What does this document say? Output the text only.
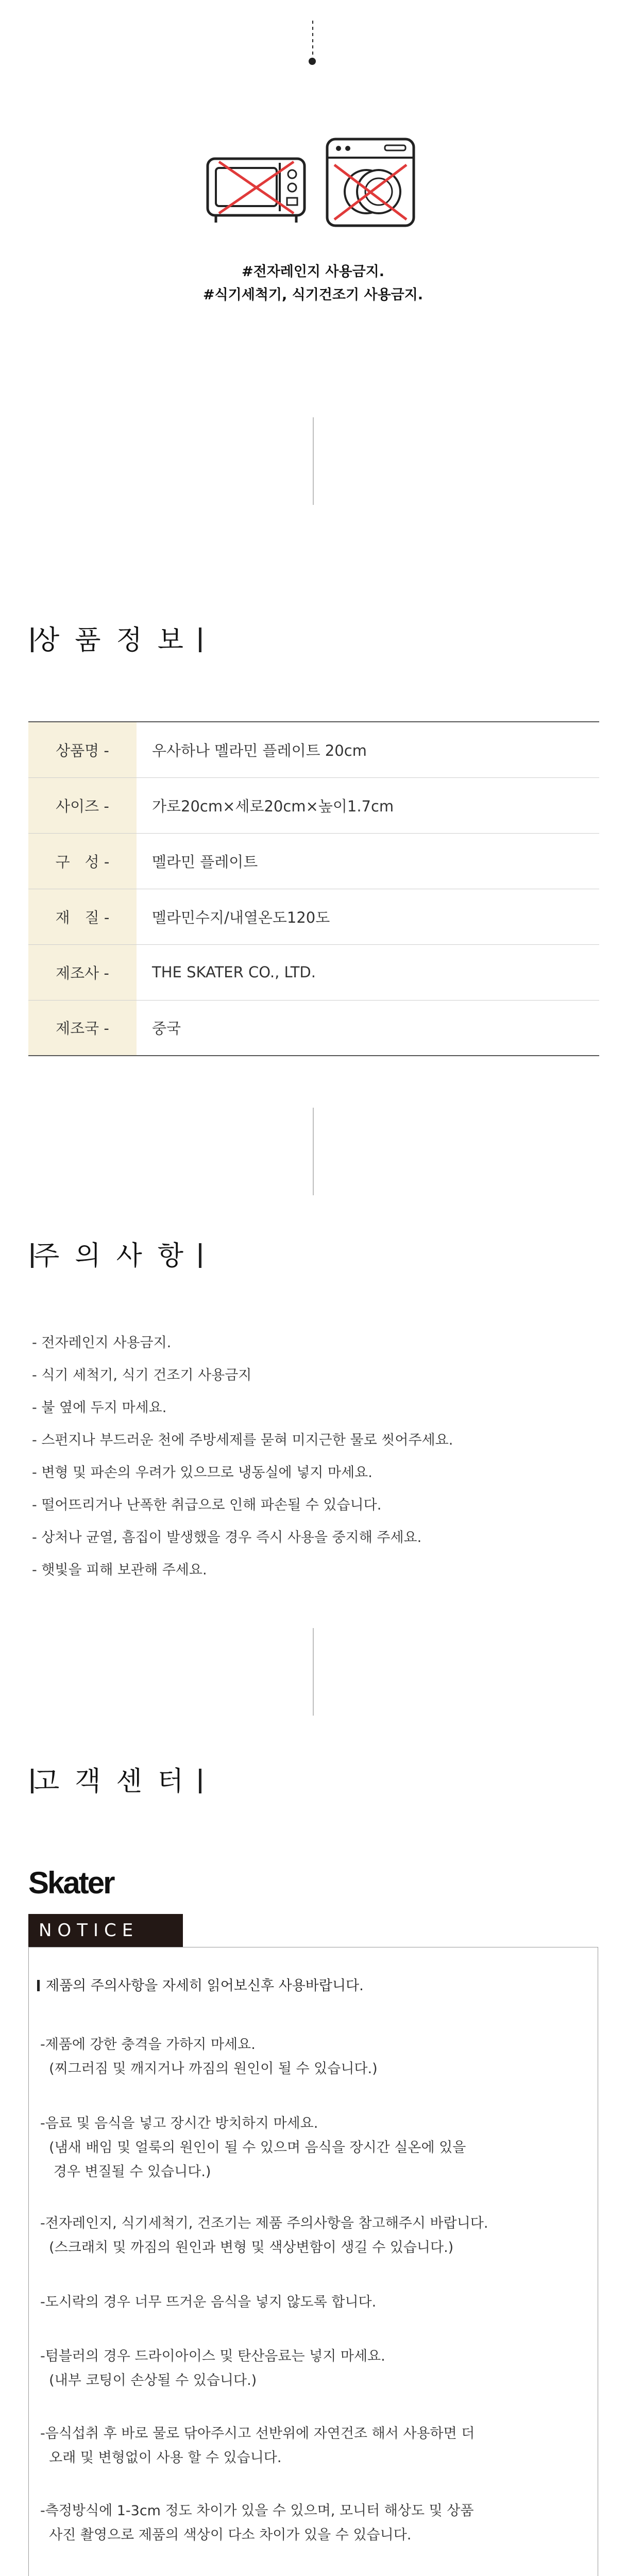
#전자레인지 사용금지.
#식기세척기, 식기건조기 사용금지.
상품정보
상품명 -	우사하나 멜라민 플레이트 20cm
사이즈 -	가로20cm×세로20cm×높이1.7cm
구　성 -	멜라민 플레이트
재　질 -	멜라민수지/내열온도120도
제조사 -	THE SKATER CO., LTD.
제조국 -	중국
주의사항
- 전자레인지 사용금지.
- 식기 세척기, 식기 건조기 사용금지
- 불 옆에 두지 마세요.
- 스펀지나 부드러운 천에 주방세제를 묻혀 미지근한 물로 씻어주세요.
- 변형 및 파손의 우려가 있으므로 냉동실에 넣지 마세요.
- 떨어뜨리거나 난폭한 취급으로 인해 파손될 수 있습니다.
- 상처나 균열, 흠집이 발생했을 경우 즉시 사용을 중지해 주세요.
- 햇빛을 피해 보관해 주세요.
고객센터
Skater
NOTICE
제품의 주의사항을 자세히 읽어보신후 사용바랍니다.
-제품에 강한 충격을 가하지 마세요.
(찌그러짐 및 깨지거나 까짐의 원인이 될 수 있습니다.)
-음료 및 음식을 넣고 장시간 방치하지 마세요.
(냄새 배임 및 얼룩의 원인이 될 수 있으며 음식을 장시간 실온에 있을
경우 변질될 수 있습니다.)
-전자레인지, 식기세척기, 건조기는 제품 주의사항을 참고해주시 바랍니다.
(스크래치 및 까짐의 원인과 변형 및 색상변함이 생길 수 있습니다.)
-도시락의 경우 너무 뜨거운 음식을 넣지 않도록 합니다.
-텀블러의 경우 드라이아이스 및 탄산음료는 넣지 마세요.
(내부 코팅이 손상될 수 있습니다.)
-음식섭취 후 바로 물로 닦아주시고 선반위에 자연건조 해서 사용하면 더
오래 및 변형없이 사용 할 수 있습니다.
-측정방식에 1-3cm 정도 차이가 있을 수 있으며, 모니터 해상도 및 상품
사진 촬영으로 제품의 색상이 다소 차이가 있을 수 있습니다.
